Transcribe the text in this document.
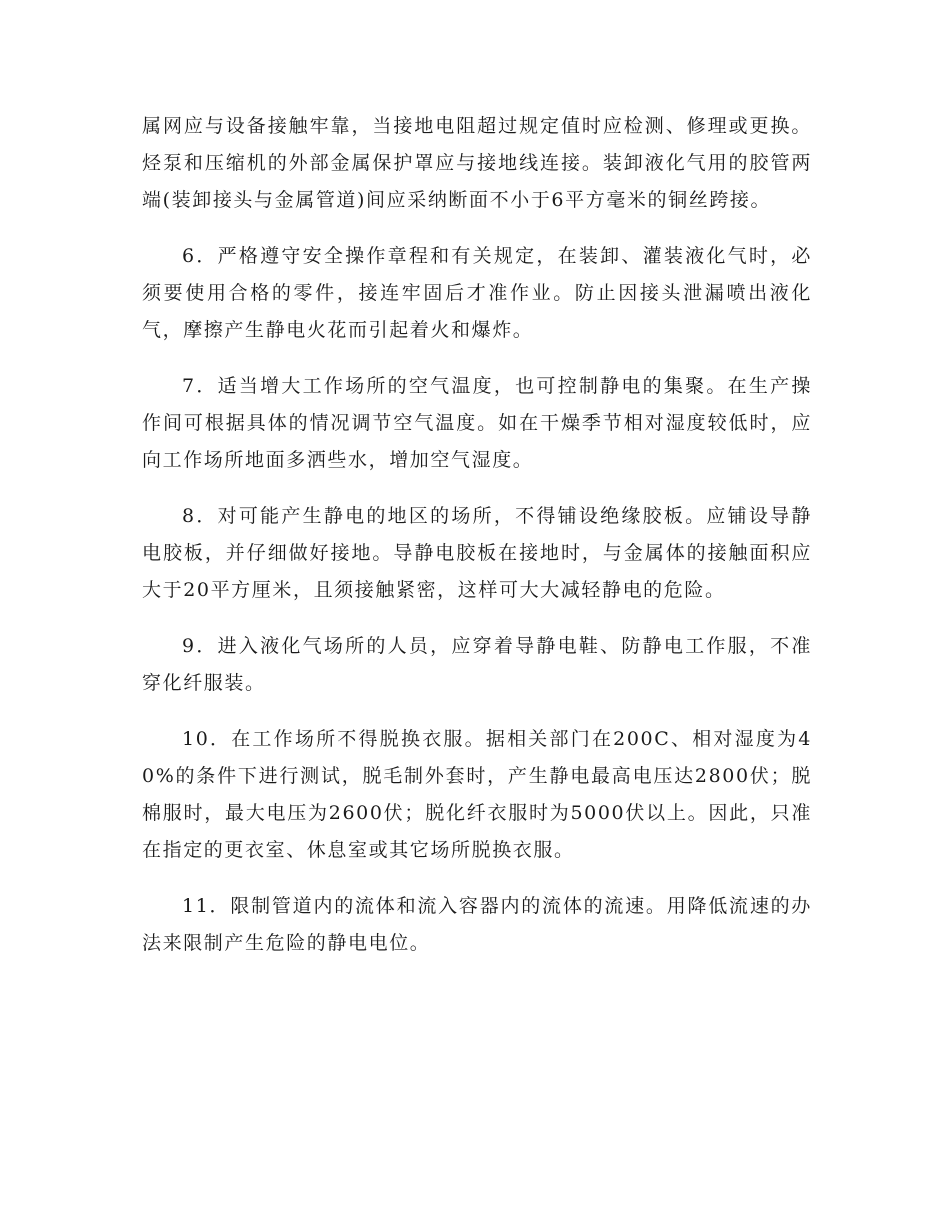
属网应与设备接触牢靠，当接地电阻超过规定值时应检测、修理或更换。烃泵和压缩机的外部金属保护罩应与接地线连接。装卸液化气用的胶管两端(装卸接头与金属管道)间应采纳断面不小于6平方毫米的铜丝跨接。

6．严格遵守安全操作章程和有关规定，在装卸、灌装液化气时，必须要使用合格的零件，接连牢固后才准作业。防止因接头泄漏喷出液化气，摩擦产生静电火花而引起着火和爆炸。

7．适当增大工作场所的空气温度，也可控制静电的集聚。在生产操作间可根据具体的情况调节空气温度。如在干燥季节相对湿度较低时，应向工作场所地面多洒些水，增加空气湿度。

8．对可能产生静电的地区的场所，不得铺设绝缘胶板。应铺设导静电胶板，并仔细做好接地。导静电胶板在接地时，与金属体的接触面积应大于20平方厘米，且须接触紧密，这样可大大减轻静电的危险。

9．进入液化气场所的人员，应穿着导静电鞋、防静电工作服，不准穿化纤服装。

10．在工作场所不得脱换衣服。据相关部门在200C、相对湿度为40%的条件下进行测试，脱毛制外套时，产生静电最高电压达2800伏；脱棉服时，最大电压为2600伏；脱化纤衣服时为5000伏以上。因此，只准在指定的更衣室、休息室或其它场所脱换衣服。

11．限制管道内的流体和流入容器内的流体的流速。用降低流速的办法来限制产生危险的静电电位。
